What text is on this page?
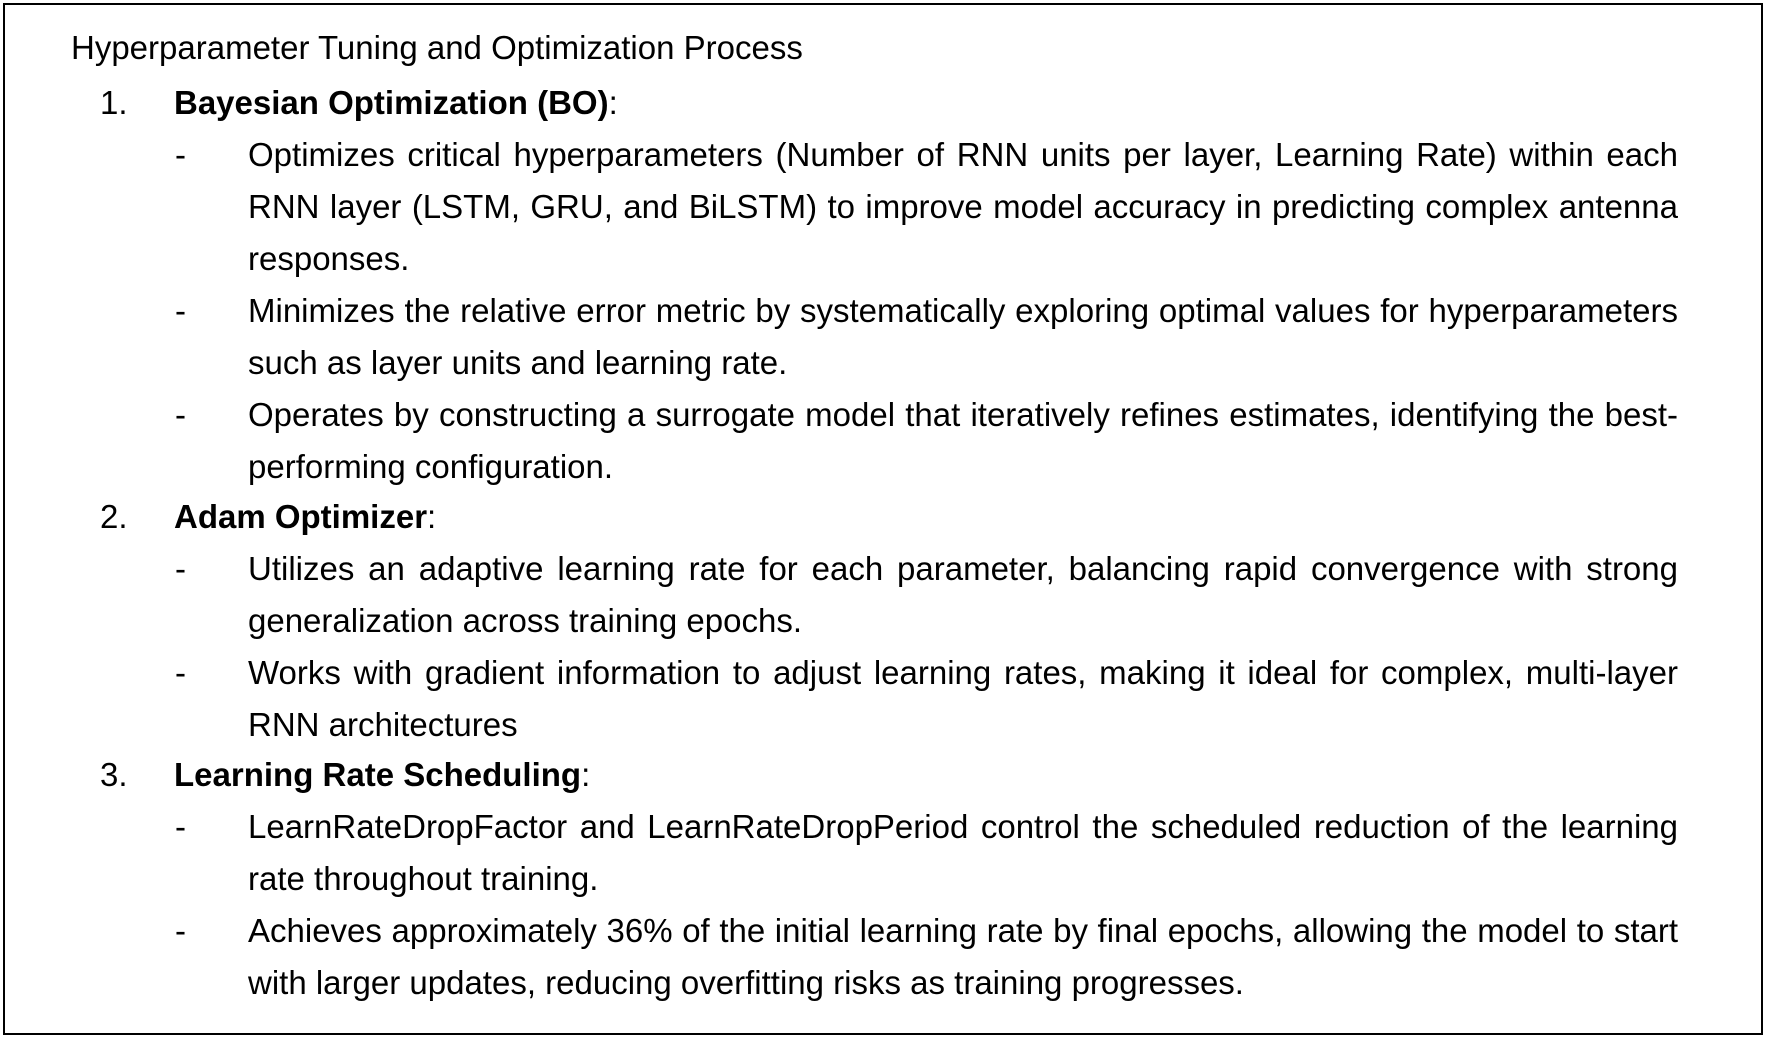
Hyperparameter Tuning and Optimization Process
1. Bayesian Optimization (BO):
- Optimizes critical hyperparameters (Number of RNN units per layer, Learning Rate) within each RNN layer (LSTM, GRU, and BiLSTM) to improve model accuracy in predicting complex antenna responses.
- Minimizes the relative error metric by systematically exploring optimal values for hyperparameters such as layer units and learning rate.
- Operates by constructing a surrogate model that iteratively refines estimates, identifying the best-performing configuration.
2. Adam Optimizer:
- Utilizes an adaptive learning rate for each parameter, balancing rapid convergence with strong generalization across training epochs.
- Works with gradient information to adjust learning rates, making it ideal for complex, multi-layer RNN architectures
3. Learning Rate Scheduling:
- LearnRateDropFactor and LearnRateDropPeriod control the scheduled reduction of the learning rate throughout training.
- Achieves approximately 36% of the initial learning rate by final epochs, allowing the model to start with larger updates, reducing overfitting risks as training progresses.
